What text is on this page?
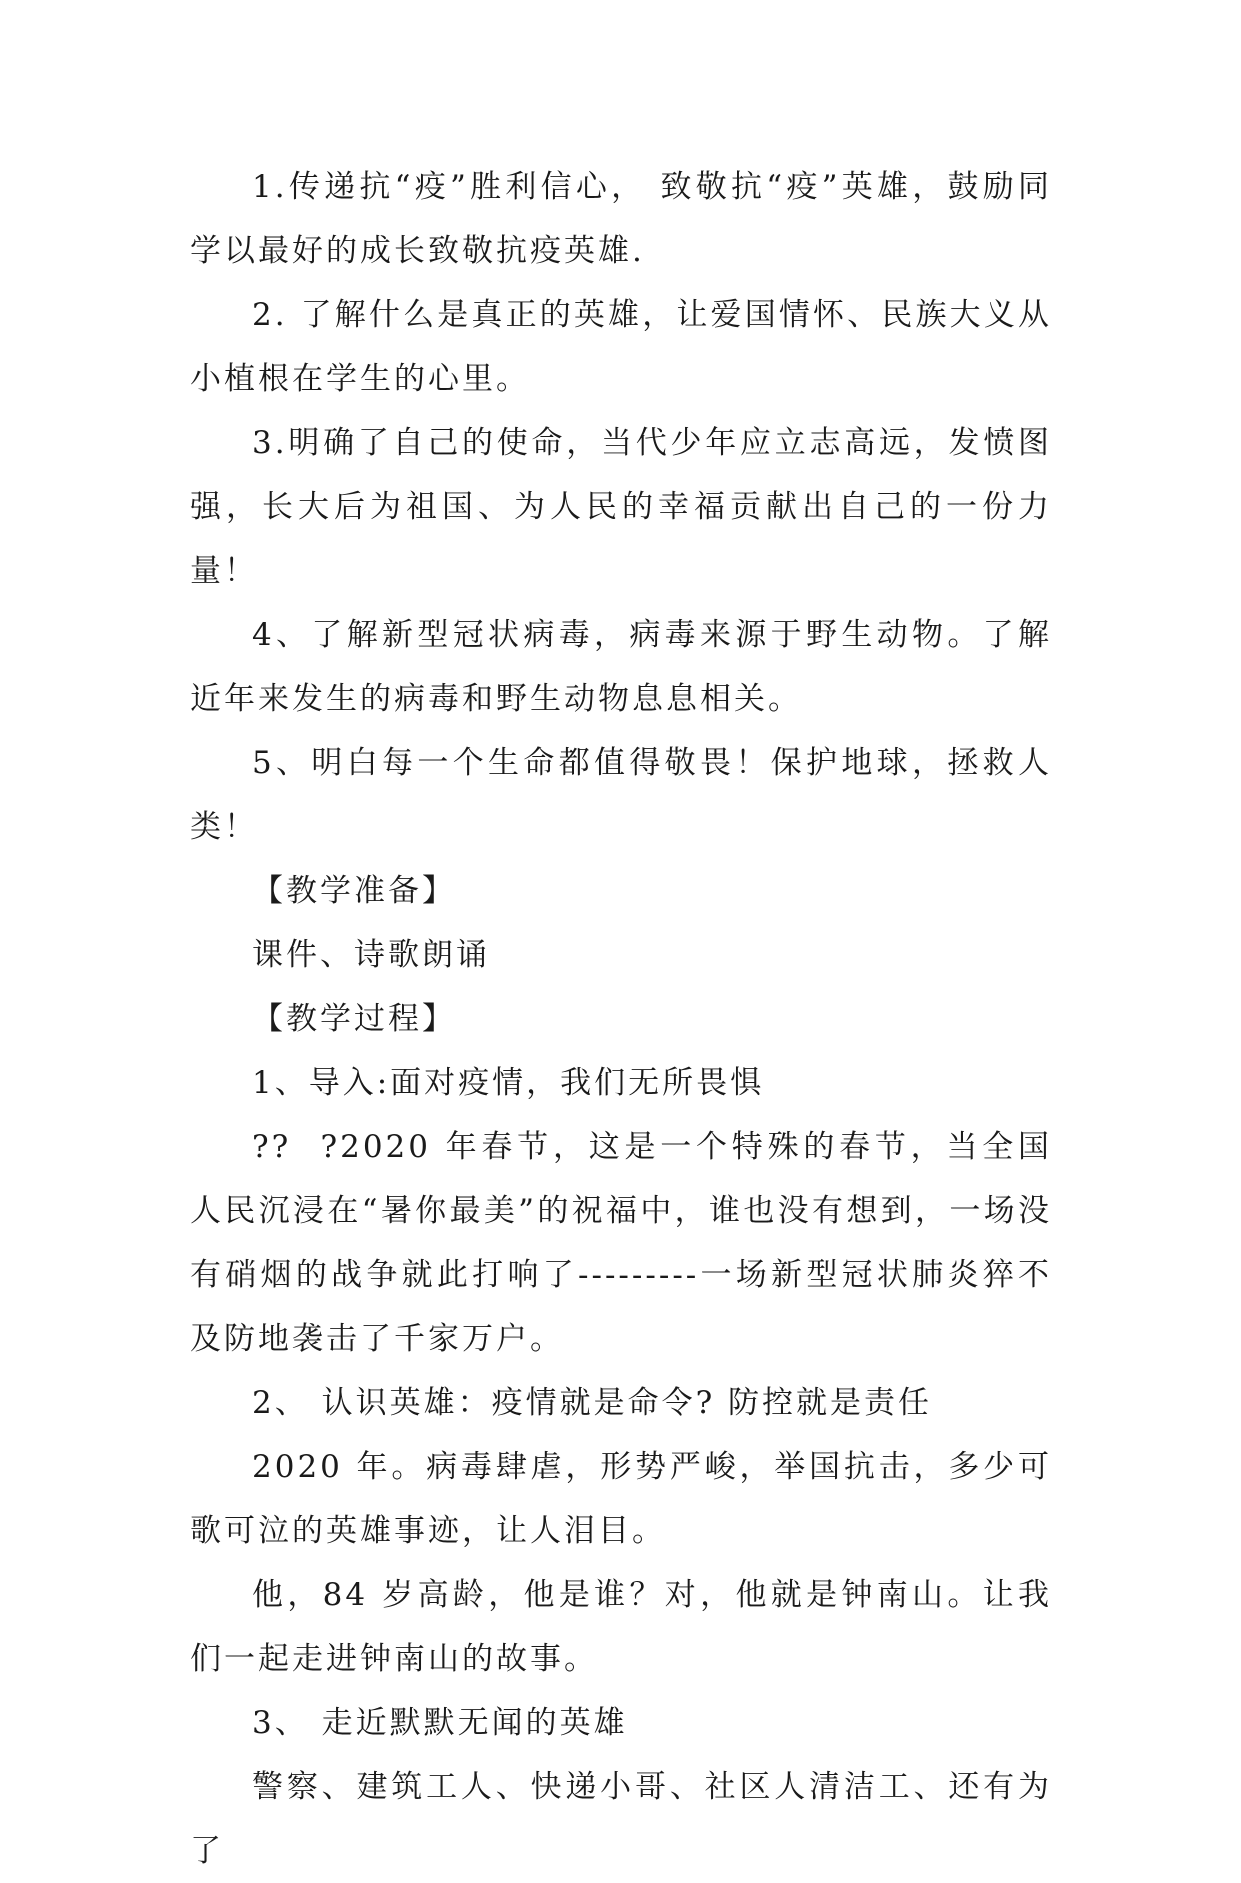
1.传递抗“疫”胜利信心， 致敬抗“疫”英雄，鼓励同学以最好的成长致敬抗疫英雄.

2. 了解什么是真正的英雄，让爱国情怀、民族大义从小植根在学生的心里。

3.明确了自己的使命，当代少年应立志高远，发愤图强，长大后为祖国、为人民的幸福贡献出自己的一份力量！

4、了解新型冠状病毒，病毒来源于野生动物。了解近年来发生的病毒和野生动物息息相关。

5、明白每一个生命都值得敬畏！保护地球，拯救人类！

【教学准备】

课件、诗歌朗诵

【教学过程】

1、导入:面对疫情，我们无所畏惧

??  ?2020 年春节，这是一个特殊的春节，当全国人民沉浸在“暑你最美”的祝福中，谁也没有想到，一场没有硝烟的战争就此打响了---------一场新型冠状肺炎猝不及防地袭击了千家万户。

2、 认识英雄：疫情就是命令? 防控就是责任

2020 年。病毒肆虐，形势严峻，举国抗击，多少可歌可泣的英雄事迹，让人泪目。

他，84 岁高龄，他是谁？对，他就是钟南山。让我们一起走进钟南山的故事。

3、 走近默默无闻的英雄

警察、建筑工人、快递小哥、社区人清洁工、还有为了
